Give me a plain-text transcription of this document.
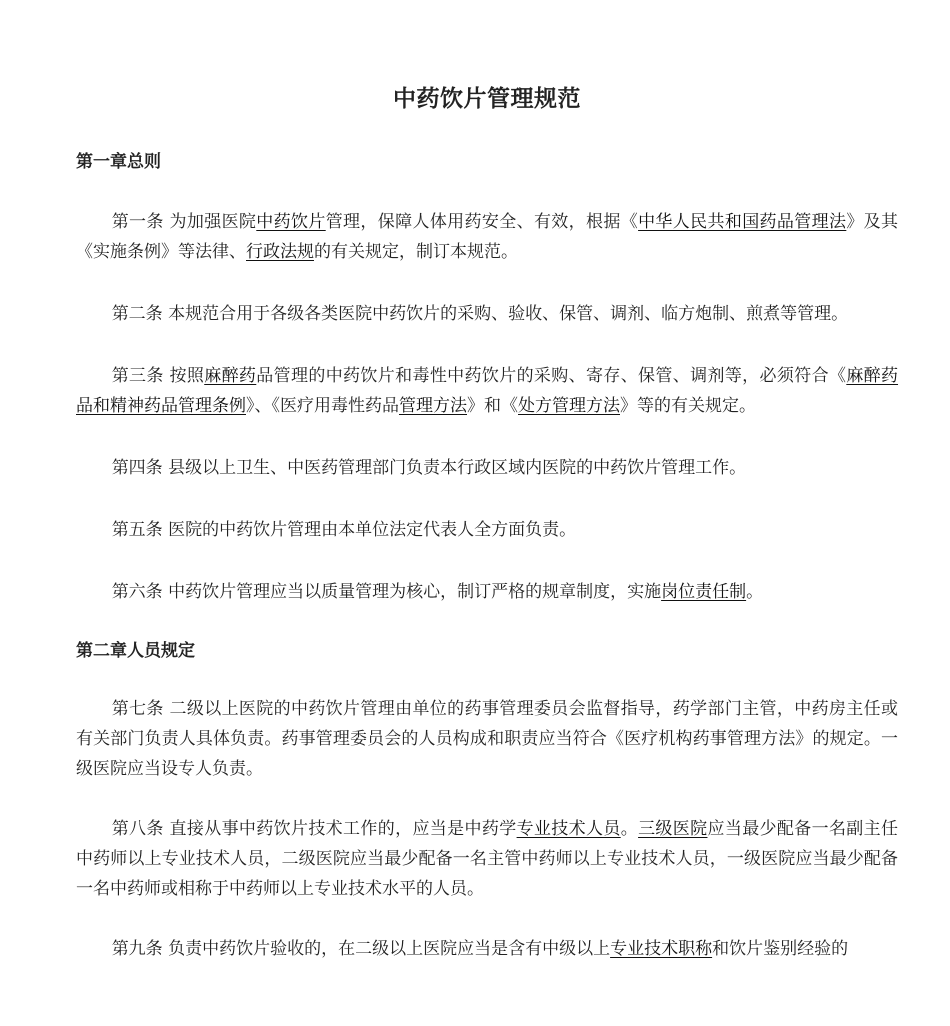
中药饮片管理规范
第一章总则

第一条 为加强医院中药饮片管理，保障人体用药安全、有效，根据《中华人民共和国药品管理法》及其《实施条例》等法律、行政法规的有关规定，制订本规范。

第二条 本规范合用于各级各类医院中药饮片的采购、验收、保管、调剂、临方炮制、煎煮等管理。

第三条 按照麻醉药品管理的中药饮片和毒性中药饮片的采购、寄存、保管、调剂等，必须符合《麻醉药品和精神药品管理条例》、《医疗用毒性药品管理方法》和《处方管理方法》等的有关规定。

第四条 县级以上卫生、中医药管理部门负责本行政区域内医院的中药饮片管理工作。

第五条 医院的中药饮片管理由本单位法定代表人全方面负责。

第六条 中药饮片管理应当以质量管理为核心，制订严格的规章制度，实施岗位责任制。

第二章人员规定

第七条 二级以上医院的中药饮片管理由单位的药事管理委员会监督指导，药学部门主管，中药房主任或有关部门负责人具体负责。药事管理委员会的人员构成和职责应当符合《医疗机构药事管理方法》的规定。一级医院应当设专人负责。

第八条 直接从事中药饮片技术工作的，应当是中药学专业技术人员。三级医院应当最少配备一名副主任中药师以上专业技术人员，二级医院应当最少配备一名主管中药师以上专业技术人员，一级医院应当最少配备一名中药师或相称于中药师以上专业技术水平的人员。

第九条 负责中药饮片验收的，在二级以上医院应当是含有中级以上专业技术职称和饮片鉴别经验的
